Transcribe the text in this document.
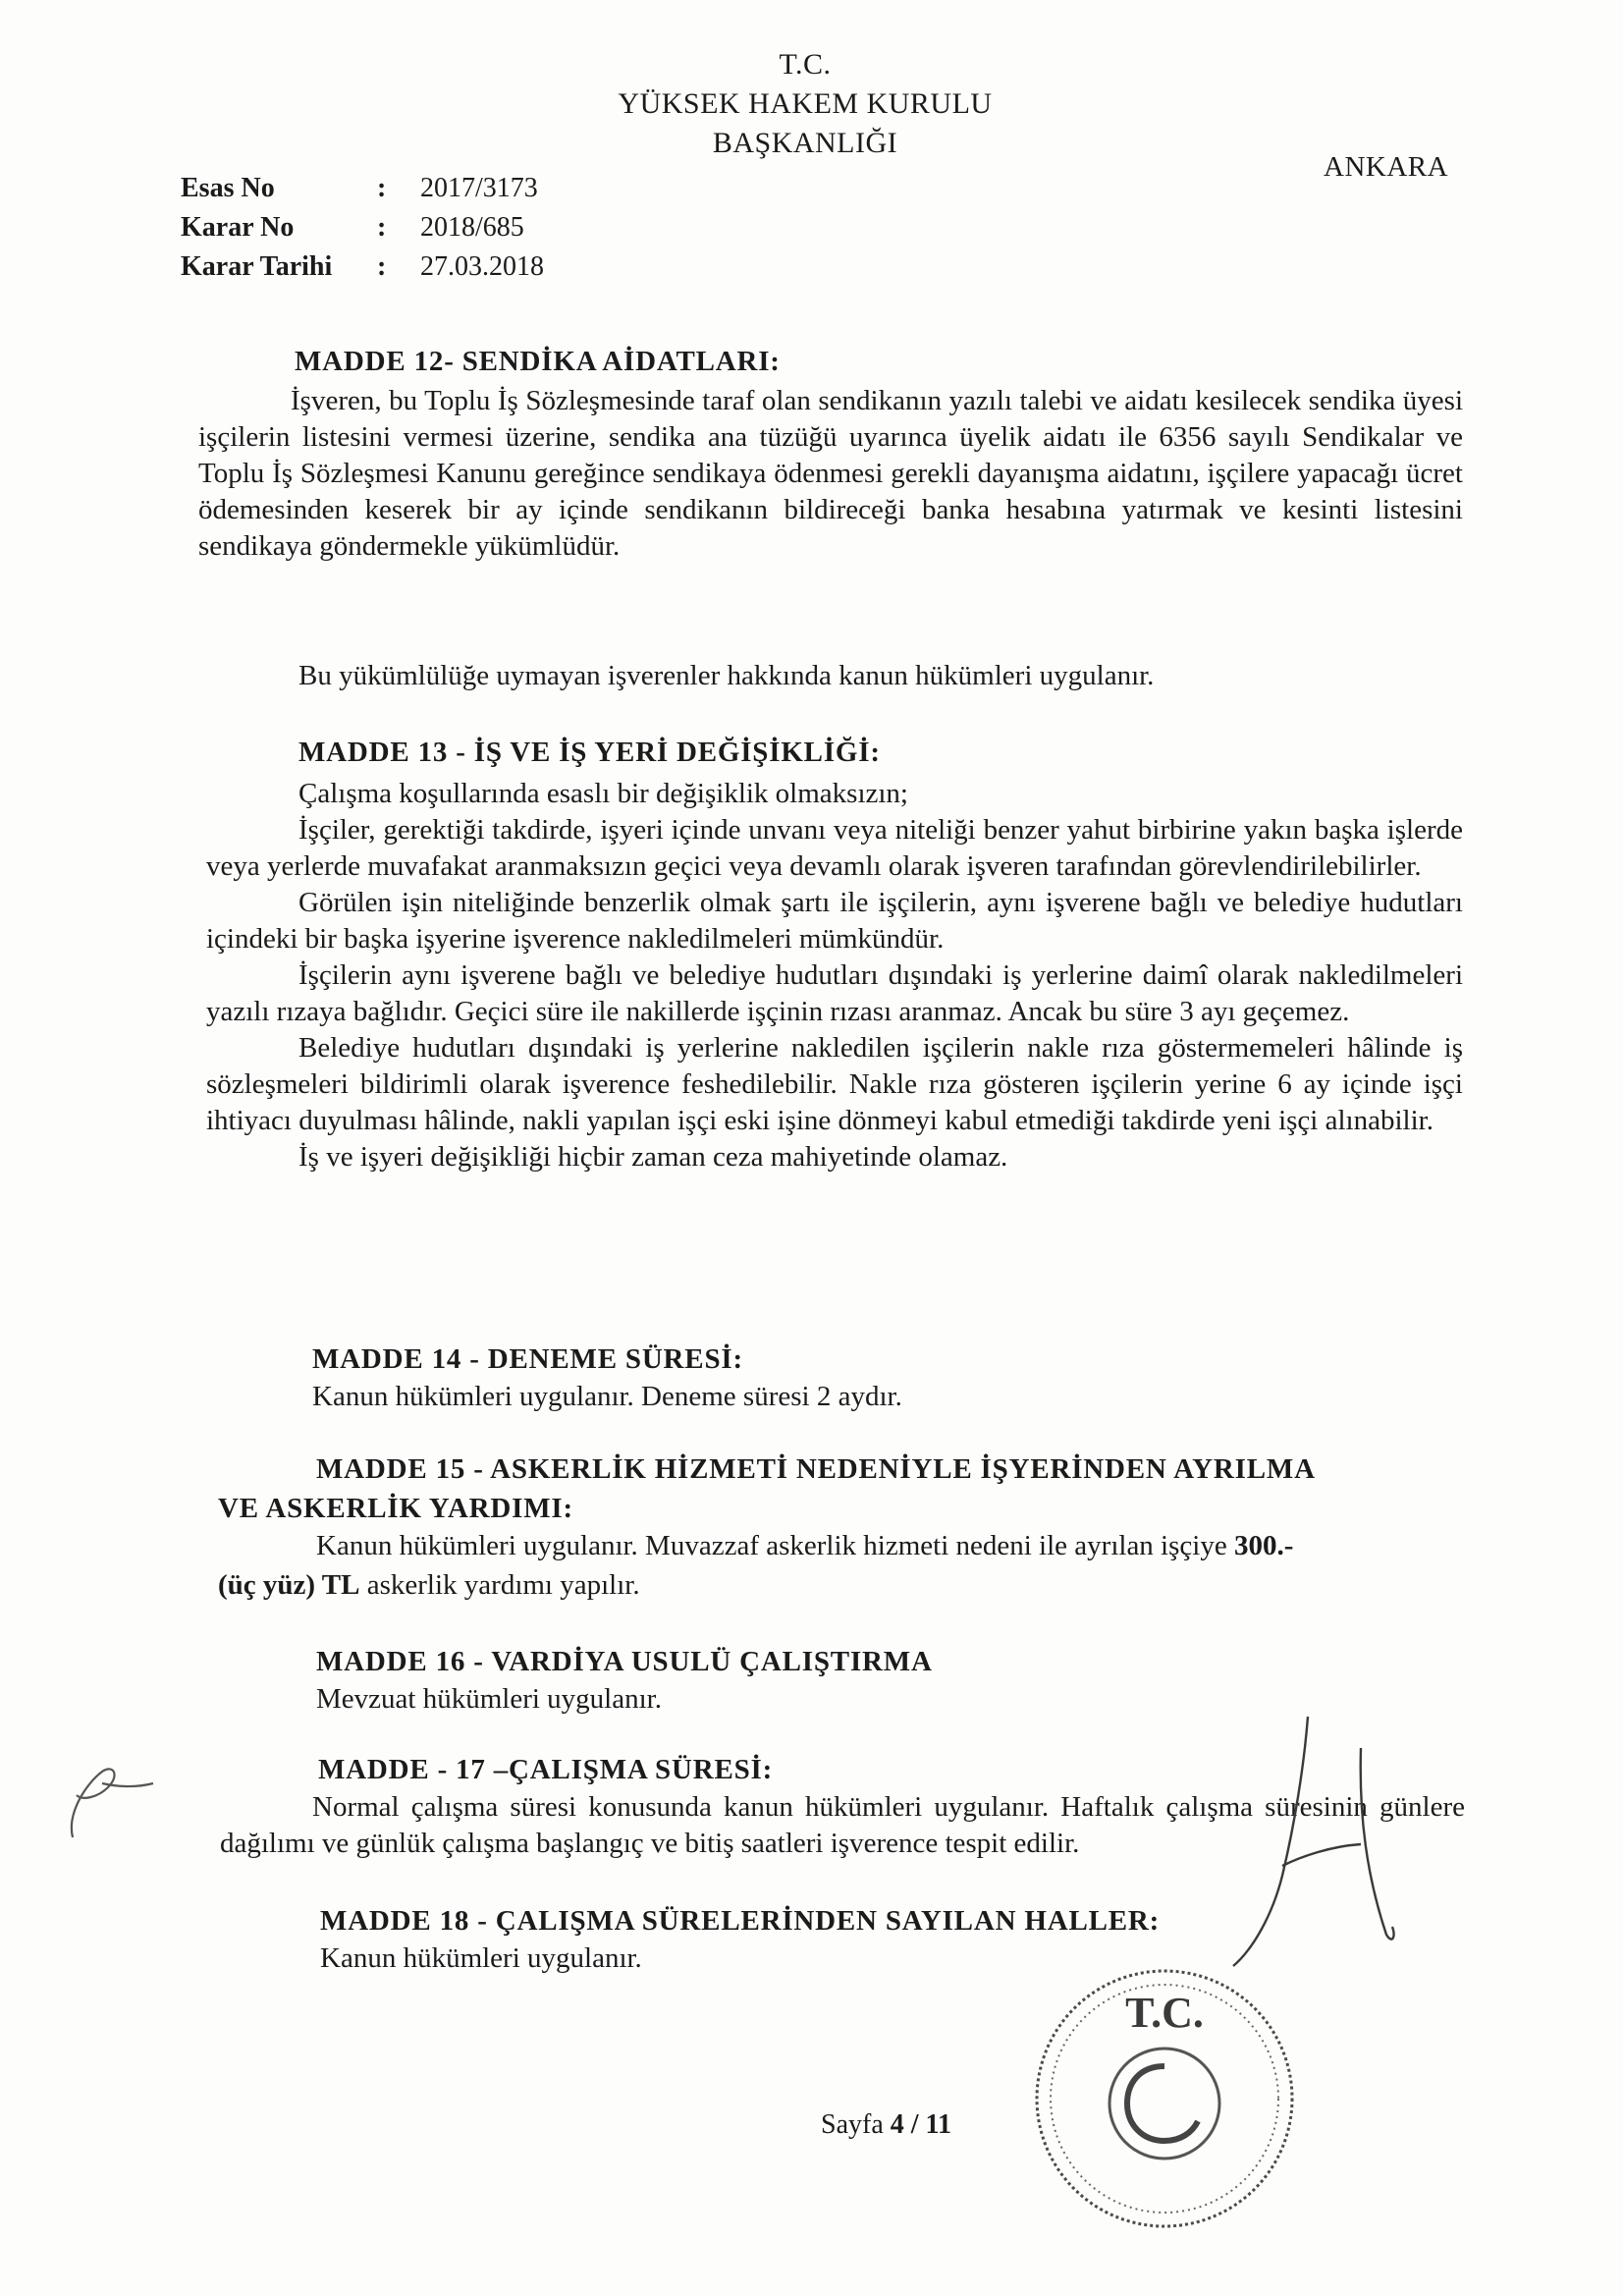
T.C.
YÜKSEK HAKEM KURULU
BAŞKANLIĞI
ANKARA
Esas No	:	2017/3173
Karar No	:	2018/685
Karar Tarihi	:	27.03.2018
MADDE 12- SENDİKA AİDATLARI:

İşveren, bu Toplu İş Sözleşmesinde taraf olan sendikanın yazılı talebi ve aidatı kesilecek sendika üyesi işçilerin listesini vermesi üzerine, sendika ana tüzüğü uyarınca üyelik aidatı ile 6356 sayılı Sendikalar ve Toplu İş Sözleşmesi Kanunu gereğince sendikaya ödenmesi gerekli dayanışma aidatını, işçilere yapacağı ücret ödemesinden keserek bir ay içinde sendikanın bildireceği banka hesabına yatırmak ve kesinti listesini sendikaya göndermekle yükümlüdür.

Bu yükümlülüğe uymayan işverenler hakkında kanun hükümleri uygulanır.
MADDE 13 - İŞ VE İŞ YERİ DEĞİŞİKLİĞİ:
Çalışma koşullarında esaslı bir değişiklik olmaksızın;

İşçiler, gerektiği takdirde, işyeri içinde unvanı veya niteliği benzer yahut birbirine yakın başka işlerde veya yerlerde muvafakat aranmaksızın geçici veya devamlı olarak işveren tarafından görevlendirilebilirler.

Görülen işin niteliğinde benzerlik olmak şartı ile işçilerin, aynı işverene bağlı ve belediye hudutları içindeki bir başka işyerine işverence nakledilmeleri mümkündür.

İşçilerin aynı işverene bağlı ve belediye hudutları dışındaki iş yerlerine daimî olarak nakledilmeleri yazılı rızaya bağlıdır. Geçici süre ile nakillerde işçinin rızası aranmaz. Ancak bu süre 3 ayı geçemez.

Belediye hudutları dışındaki iş yerlerine nakledilen işçilerin nakle rıza göstermemeleri hâlinde iş sözleşmeleri bildirimli olarak işverence feshedilebilir. Nakle rıza gösteren işçilerin yerine 6 ay içinde işçi ihtiyacı duyulması hâlinde, nakli yapılan işçi eski işine dönmeyi kabul etmediği takdirde yeni işçi alınabilir.

İş ve işyeri değişikliği hiçbir zaman ceza mahiyetinde olamaz.

MADDE 14 - DENEME SÜRESİ:
Kanun hükümleri uygulanır. Deneme süresi 2 aydır.
MADDE 15 - ASKERLİK HİZMETİ NEDENİYLE İŞYERİNDEN AYRILMA
VE ASKERLİK YARDIMI:
Kanun hükümleri uygulanır. Muvazzaf askerlik hizmeti nedeni ile ayrılan işçiye 300.-
(üç yüz) TL askerlik yardımı yapılır.
MADDE 16 - VARDİYA USULÜ ÇALIŞTIRMA
Mevzuat hükümleri uygulanır.
MADDE - 17 –ÇALIŞMA SÜRESİ:

Normal çalışma süresi konusunda kanun hükümleri uygulanır. Haftalık çalışma süresinin günlere dağılımı ve günlük çalışma başlangıç ve bitiş saatleri işverence tespit edilir.

MADDE 18 - ÇALIŞMA SÜRELERİNDEN SAYILAN HALLER:
Kanun hükümleri uygulanır.
T.C.
Sayfa 4 / 11
